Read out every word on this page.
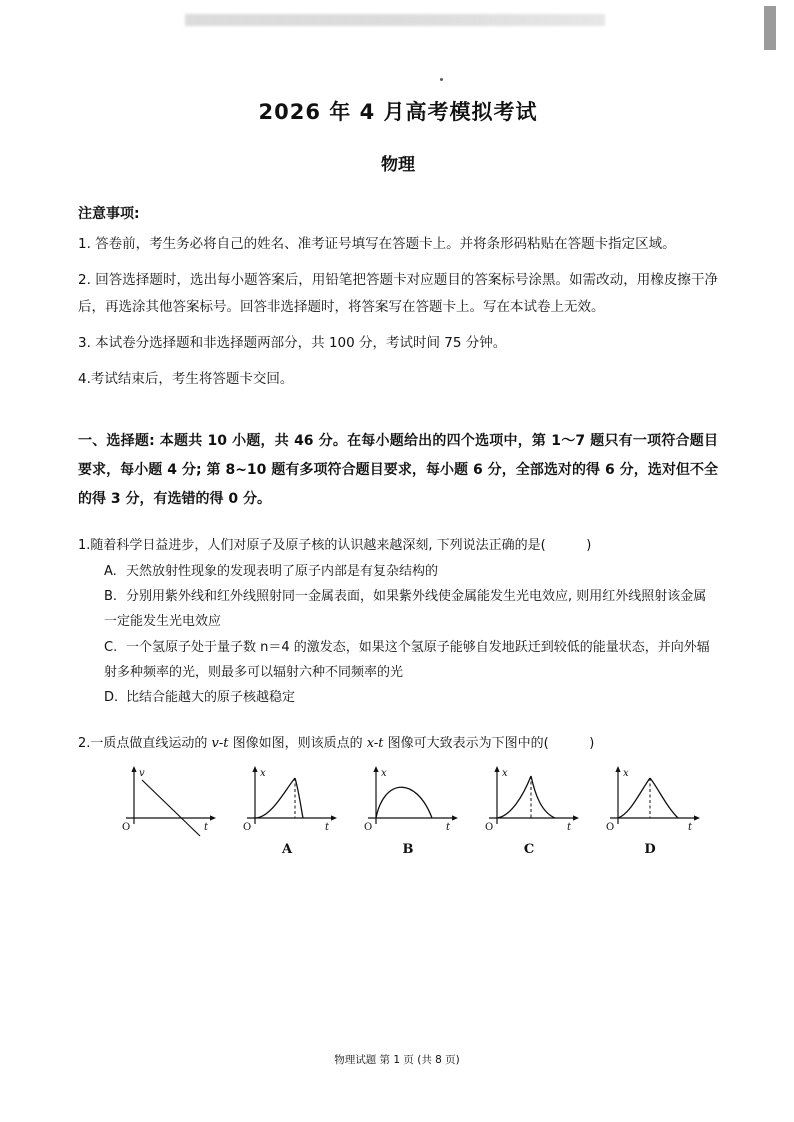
2026 年 4 月高考模拟考试
物理
注意事项:
1. 答卷前，考生务必将自己的姓名、准考证号填写在答题卡上。并将条形码粘贴在答题卡指定区域。
2. 回答选择题时，选出每小题答案后，用铅笔把答题卡对应题目的答案标号涂黑。如需改动，用橡皮擦干净后，再选涂其他答案标号。回答非选择题时，将答案写在答题卡上。写在本试卷上无效。
3. 本试卷分选择题和非选择题两部分，共 100 分，考试时间 75 分钟。
4.考试结束后，考生将答题卡交回。
一、选择题: 本题共 10 小题，共 46 分。在每小题给出的四个选项中，第 1～7 题只有一项符合题目要求，每小题 4 分; 第 8~10 题有多项符合题目要求，每小题 6 分，全部选对的得 6 分，选对但不全的得 3 分，有选错的得 0 分。
1.随着科学日益进步，人们对原子及原子核的认识越来越深刻, 下列说法正确的是(	)
A. 天然放射性现象的发现表明了原子内部是有复杂结构的
B. 分别用紫外线和红外线照射同一金属表面，如果紫外线使金属能发生光电效应, 则用红外线照射该金属一定能发生光电效应
C. 一个氢原子处于量子数 n＝4 的激发态，如果这个氢原子能够自发地跃迁到较低的能量状态，并向外辐射多种频率的光，则最多可以辐射六种不同频率的光
D. 比结合能越大的原子核越稳定
2.一质点做直线运动的 v-t 图像如图，则该质点的 x-t 图像可大致表示为下图中的(	)
v
t
O

x
t
O
A
x
t
O
B
x
t
O
C
x
t
O
D
物理试题 第 1 页 (共 8 页)
